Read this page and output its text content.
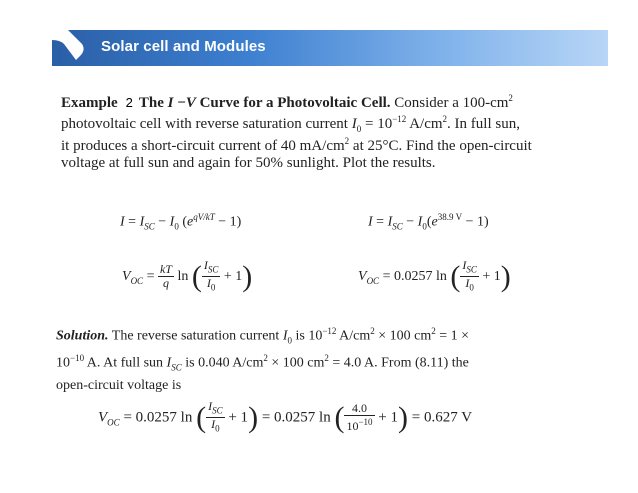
Solar cell and Modules

Example 2 The I −V Curve for a Photovoltaic Cell. Consider a $100-cm^2$

photovoltaic cell with reverse saturation current $I_0 = 10^{-12}$ $A/cm^2$. In full sun,

it produces a short-circuit current of 40 $mA/cm^2$ at 25°C. Find the open-circuit

voltage at full sun and again for 50% sunlight. Plot the results.

$I = I_{SC} - I_0$ $(e^{qV/kT} - 1)$	$I = I_{SC} - I_0(e^{38.9 V} - 1)$
$V_{OC} = \frac{kT}{q}$ ln ( $\frac{I_{SC}}{I_0} + 1$)	$V_{OC} = 0.0257$ ln ( $\frac{I_{SC}}{I_0} + 1$)

Solution. The reverse saturation current $I_0$ is $10^{-12}$ $A/cm^2 \times 100$ $cm^2 = 1$ ×

$10^{-10}$ A. At full sun $I_{SC}$ is 0.040 $A/cm^2 \times 100$ $cm^2 = 4.0$ A. From (8.11) the

open-circuit voltage is

$V_{OC} = 0.0257$ ln ( $\frac{I_{SC}}{I_0} + 1) = 0.0257$ ln ( $\frac{4.0}{10^{-10}} + 1) = 0.627$ V
